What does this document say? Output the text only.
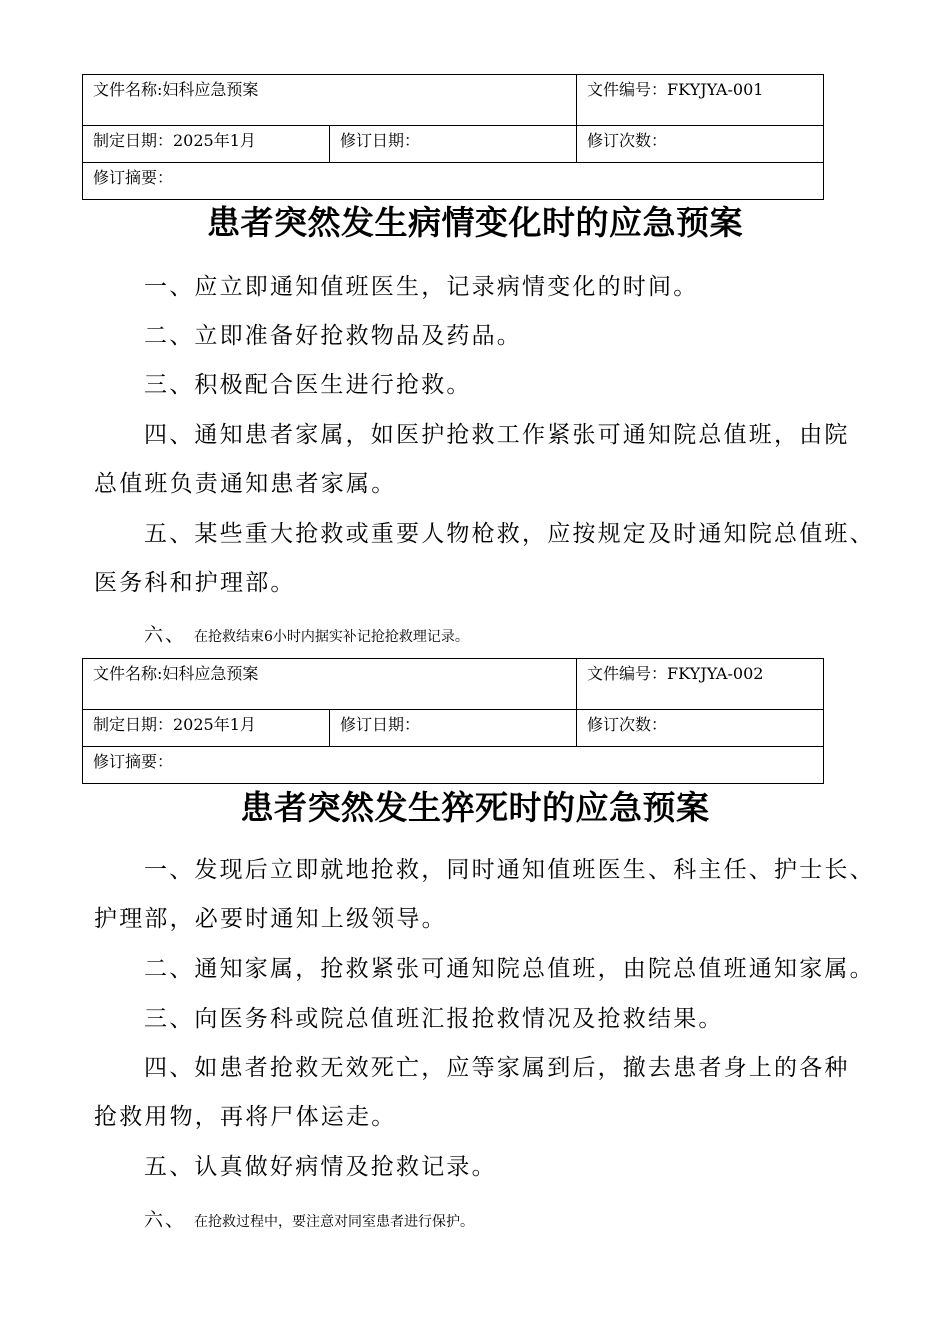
文件名称:妇科应急预案		文件编号：FKYJYA-001
制定日期：2025年1月	修订日期：	修订次数：
修订摘要：		
患者突然发生病情变化时的应急预案

一、应立即通知值班医生，记录病情变化的时间。

二、立即准备好抢救物品及药品。

三、积极配合医生进行抢救。

四、通知患者家属，如医护抢救工作紧张可通知院总值班，由院总值班负责通知患者家属。

五、某些重大抢救或重要人物枪救，应按规定及时通知院总值班、医务科和护理部。

六、 在抢救结束6小时内据实补记抢抢救理记录。
文件名称:妇科应急预案		文件编号：FKYJYA-002
制定日期：2025年1月	修订日期：	修订次数：
修订摘要：		
患者突然发生猝死时的应急预案

一、发现后立即就地抢救，同时通知值班医生、科主任、护士长、护理部，必要时通知上级领导。

二、通知家属，抢救紧张可通知院总值班，由院总值班通知家属。

三、向医务科或院总值班汇报抢救情况及抢救结果。

四、如患者抢救无效死亡，应等家属到后，撤去患者身上的各种抢救用物，再将尸体运走。

五、认真做好病情及抢救记录。

六、 在抢救过程中，要注意对同室患者进行保护。
